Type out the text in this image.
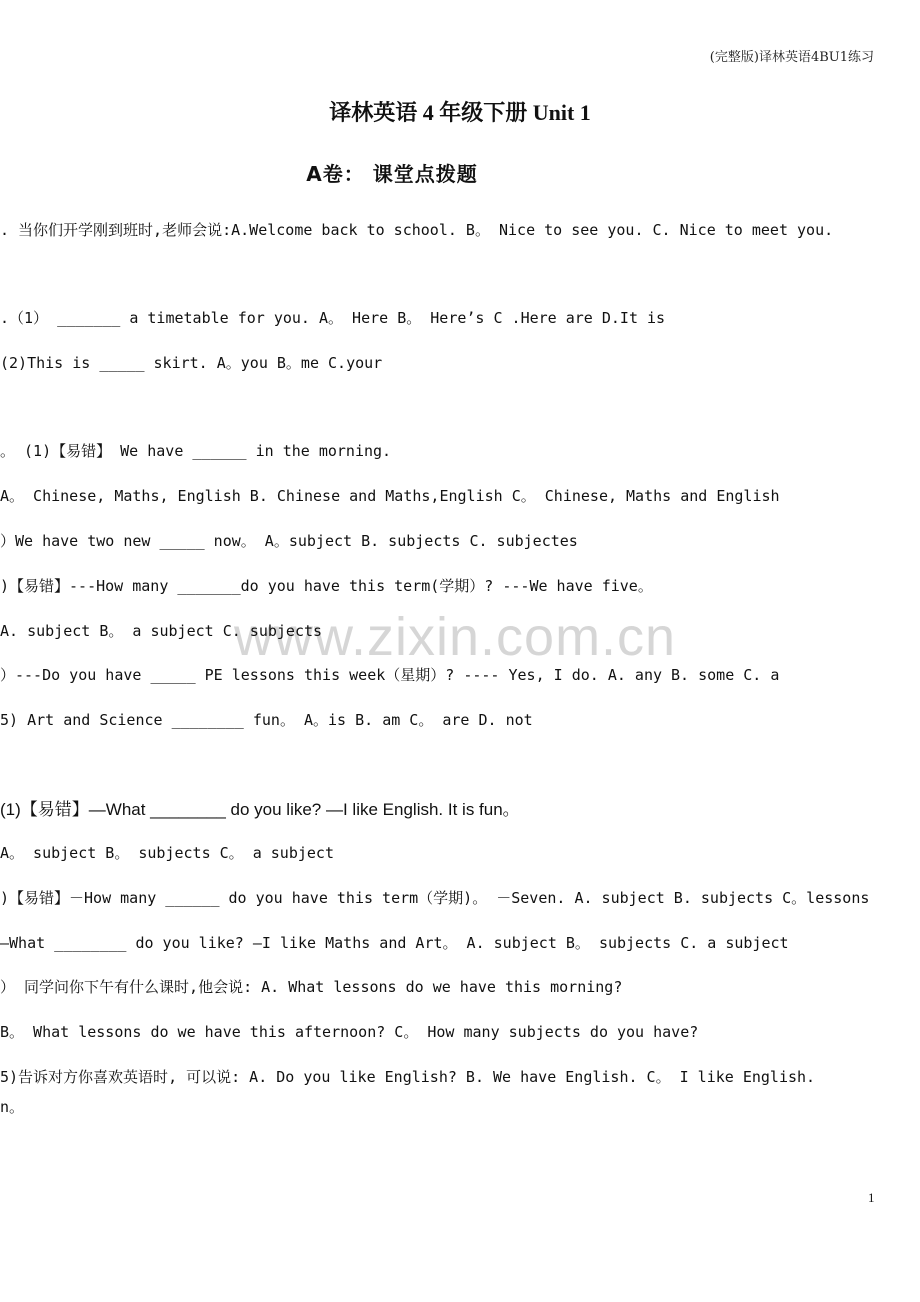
www.zixin.com.cn
(完整版)译林英语4BU1练习
译林英语 4 年级下册 Unit 1
A卷： 课堂点拨题
. 当你们开学刚到班时,老师会说:A.Welcome back to school. B。 Nice to see you. C. Nice to meet you.
.（1） _______ a timetable for you. A。 Here B。 Here’s C .Here are D.It is
(2)This is _____ skirt. A。you B。me C.your
。 (1)【易错】 We have ______ in the morning.
A。 Chinese, Maths, English B. Chinese and Maths,English C。 Chinese, Maths and English
）We have two new _____ now。 A。subject B. subjects C. subjectes
)【易错】---How many _______do you have this term(学期）? ---We have five。
A. subject B。 a subject C. subjects
）---Do you have _____ PE lessons this week（星期）? ---- Yes, I do. A. any B. some C. a
5) Art and Science ________ fun。 A。is B. am C。 are D. not
(1)【易错】—What ________ do you like? —I like English. It is fun。
A。 subject B。 subjects C。 a subject
)【易错】－How many ______ do you have this term（学期)。 －Seven. A. subject B. subjects C。lessons
—What ________ do you like? —I like Maths and Art。 A. subject B。 subjects C. a subject
） 同学问你下午有什么课时,他会说: A. What lessons do we have this morning?
B。 What lessons do we have this afternoon? C。 How many subjects do you have?
5)告诉对方你喜欢英语时, 可以说: A. Do you like English? B. We have English. C。 I like English.
n。
1
